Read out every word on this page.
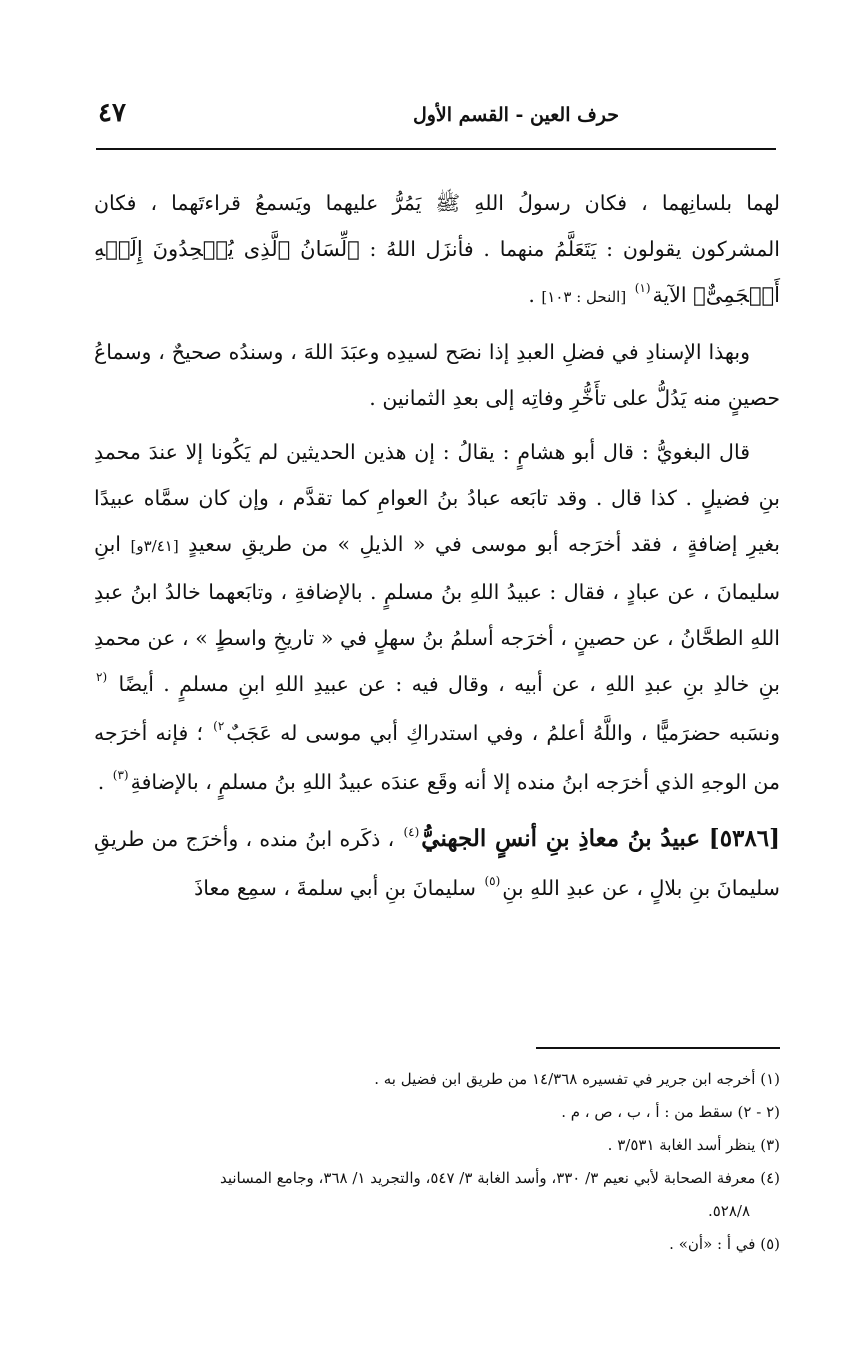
٤٧	حرف العين - القسم الأول

لهما بلسانِهما ، فكان رسولُ اللهِ ﷺ يَمُرُّ عليهما ويَسمعُ قراءتَهما ، فكان المشركون يقولون : يَتَعَلَّمُ منهما . فأنزَل اللهُ : ﴿لِّسَانُ ٱلَّذِى يُلۡحِدُونَ إِلَيۡهِ أَعۡجَمِىٌّ﴾ الآية$^{(١)}$ [النحل : ١٠٣] .

وبهذا الإسنادِ في فضلِ العبدِ إذا نصَح لسيدِه وعبَدَ اللهَ ، وسندُه صحيحٌ ، وسماعُ حصينٍ منه يَدُلُّ على تأَخُّرِ وفاتِه إلى بعدِ الثمانين .

قال البغويُّ : قال أبو هشامٍ : يقالُ : إن هذين الحديثين لم يَكُونا إلا عندَ محمدِ بنِ فضيلٍ . كذا قال . وقد تابَعه عبادُ بنُ العوامِ كما تقدَّم ، وإن كان سمَّاه عبيدًا بغيرِ إضافةٍ ، فقد أخرَجه أبو موسى في « الذيلِ » من طريقِ سعيدٍ [٣/٤١و] ابنِ سليمانَ ، عن عبادٍ ، فقال : عبيدُ اللهِ بنُ مسلمٍ . بالإضافةِ ، وتابَعهما خالدُ ابنُ عبدِ اللهِ الطحَّانُ ، عن حصينٍ ، أخرَجه أسلمُ بنُ سهلٍ في « تاريخِ واسطٍ » ، عن محمدِ بنِ خالدِ بنِ عبدِ اللهِ ، عن أبيه ، وقال فيه : عن عبيدِ اللهِ ابنِ مسلمٍ . أيضًا $^{(٢}$ ونسَبه حضرَميًّا ، واللَّهُ أعلمُ ، وفي استدراكِ أبي موسى له عَجَبٌ$^{٢)}$ ؛ فإنه أخرَجه من الوجهِ الذي أخرَجه ابنُ منده إلا أنه وقَع عندَه عبيدُ اللهِ بنُ مسلمٍ ، بالإضافةِ$^{(٣)}$ .

[٥٣٨٦] عبيدُ بنُ معاذِ بنِ أنسٍ الجهنيُّ$^{(٤)}$ ، ذكَره ابنُ منده ، وأخرَج من طريقِ سليمانَ بنِ بلالٍ ، عن عبدِ اللهِ بنِ$^{(٥)}$ سليمانَ بنِ أبي سلمةَ ، سمِع معاذَ

(١) أخرجه ابن جرير في تفسيره ١٤/٣٦٨ من طريق ابن فضيل به .

(٢ - ٢) سقط من : أ ، ب ، ص ، م .

(٣) ينظر أسد الغابة ٣/٥٣١ .

(٤) معرفة الصحابة لأبي نعيم ٣/ ٣٣٠، وأسد الغابة ٣/ ٥٤٧، والتجريد ١/ ٣٦٨، وجامع المسانيد

٥٢٨/٨.

(٥) في أ : «أن» .
